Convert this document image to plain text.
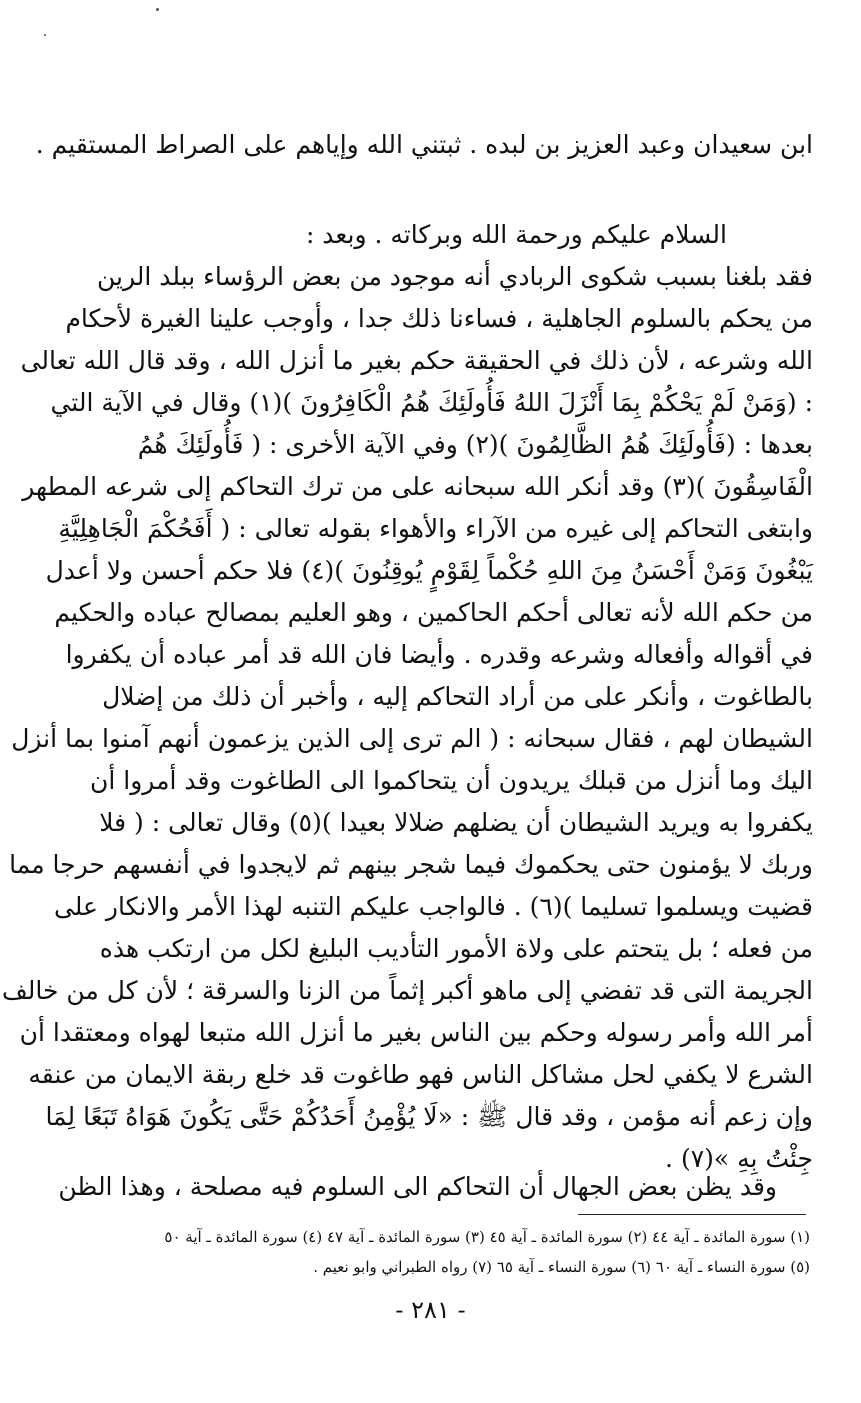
ابن سعيدان وعبد العزيز بن لبده . ثبتني الله وإياهم على الصراط المستقيم .
السلام عليكم ورحمة الله وبركاته . وبعد :
فقد بلغنا بسبب شكوى الربادي أنه موجود من بعض الرؤساء ببلد الرين
من يحكم بالسلوم الجاهلية ، فساءنا ذلك جدا ، وأوجب علينا الغيرة لأحكام
الله وشرعه ، لأن ذلك في الحقيقة حكم بغير ما أنزل الله ، وقد قال الله تعالى
: (وَمَنْ لَمْ يَحْكُمْ بِمَا أَنْزَلَ اللهُ فَأُولَئِكَ هُمُ الْكَافِرُونَ )(١) وقال في الآية التي
بعدها : (فَأُولَئِكَ هُمُ الظَّالِمُونَ )(٢) وفي الآية الأخرى : ( فَأُولَئِكَ هُمُ
الْفَاسِقُونَ )(٣) وقد أنكر الله سبحانه على من ترك التحاكم إلى شرعه المطهر
وابتغى التحاكم إلى غيره من الآراء والأهواء بقوله تعالى : ( أَفَحُكْمَ الْجَاهِلِيَّةِ
يَبْغُونَ وَمَنْ أَحْسَنُ مِنَ اللهِ حُكْماً لِقَوْمٍ يُوقِنُونَ )(٤) فلا حكم أحسن ولا أعدل
من حكم الله لأنه تعالى أحكم الحاكمين ، وهو العليم بمصالح عباده والحكيم
في أقواله وأفعاله وشرعه وقدره . وأيضا فان الله قد أمر عباده أن يكفروا
بالطاغوت ، وأنكر على من أراد التحاكم إليه ، وأخبر أن ذلك من إضلال
الشيطان لهم ، فقال سبحانه : ( الم ترى إلى الذين يزعمون أنهم آمنوا بما أنزل
اليك وما أنزل من قبلك يريدون أن يتحاكموا الى الطاغوت وقد أمروا أن
يكفروا به ويريد الشيطان أن يضلهم ضلالا بعيدا )(٥) وقال تعالى : ( فلا
وربك لا يؤمنون حتى يحكموك فيما شجر بينهم ثم لايجدوا في أنفسهم حرجا مما
قضيت ويسلموا تسليما )(٦) . فالواجب عليكم التنبه لهذا الأمر والانكار على
من فعله ؛ بل يتحتم على ولاة الأمور التأديب البليغ لكل من ارتكب هذه
الجريمة التى قد تفضي إلى ماهو أكبر إثماً من الزنا والسرقة ؛ لأن كل من خالف
أمر الله وأمر رسوله وحكم بين الناس بغير ما أنزل الله متبعا لهواه ومعتقدا أن
الشرع لا يكفي لحل مشاكل الناس فهو طاغوت قد خلع ربقة الايمان من عنقه
وإن زعم أنه مؤمن ، وقد قال ﷺ : «لَا يُؤْمِنُ أَحَدُكُمْ حَتَّى يَكُونَ هَوَاهُ تَبَعًا لِمَا
جِئْتُ بِهِ »(٧) .
وقد يظن بعض الجهال أن التحاكم الى السلوم فيه مصلحة ، وهذا الظن
(١) سورة المائدة ـ آية ٤٤ (٢) سورة المائدة ـ آية ٤٥ (٣) سورة المائدة ـ آية ٤٧ (٤) سورة المائدة ـ آية ٥٠
(٥) سورة النساء ـ آية ٦٠ (٦) سورة النساء ـ آية ٦٥ (٧) رواه الطبراني وابو نعيم .
- ٢٨١ -
